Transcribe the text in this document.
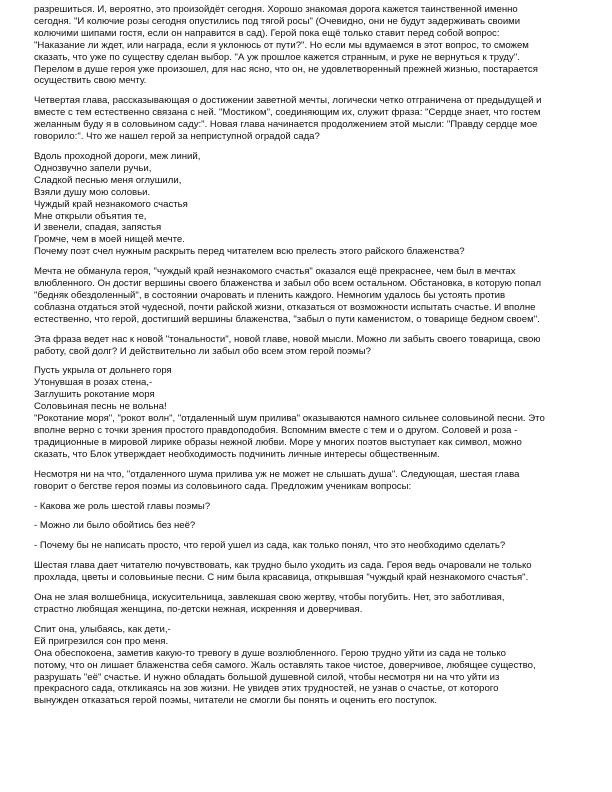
разрешиться. И, вероятно, это произойдёт сегодня. Хорошо знакомая дорога кажется таинственной именно
сегодня. "И колючие розы сегодня опустились под тягой росы" (Очевидно, они не будут задерживать своими
колючими шипами гостя, если он направится в сад). Герой пока ещё только ставит перед собой вопрос:
"Наказание ли ждет, или награда, если я уклонюсь от пути?". Но если мы вдумаемся в этот вопрос, то сможем
сказать, что уже по существу сделан выбор. "А уж прошлое кажется странным, и руке не вернуться к труду".
Перелом в душе героя уже произошел, для нас ясно, что он, не удовлетворенный прежней жизнью, постарается
осуществить свою мечту.
Четвертая глава, рассказывающая о достижении заветной мечты, логически четко отграничена от предыдущей и
вместе с тем естественно связана с ней. "Мостиком", соединяющим их, служит фраза: "Сердце знает, что гостем
желанным буду я в соловьином саду:". Новая глава начинается продолжением этой мысли: "Правду сердце мое
говорило:". Что же нашел герой за неприступной оградой сада?
Вдоль проходной дороги, меж линий,
Однозвучно запели ручьи,
Сладкой песнью меня оглушили,
Взяли душу мою соловьи.
Чуждый край незнакомого счастья
Мне открыли объятия те,
И звенели, спадая, запястья
Громче, чем в моей нищей мечте.
Почему поэт счел нужным раскрыть перед читателем всю прелесть этого райского блаженства?
Мечта не обманула героя, "чуждый край незнакомого счастья" оказался ещё прекраснее, чем был в мечтах
влюбленного. Он достиг вершины своего блаженства и забыл обо всем остальном. Обстановка, в которую попал
"бедняк обездоленный", в состоянии очаровать и пленить каждого. Немногим удалось бы устоять против
соблазна отдаться этой чудесной, почти райской жизни, отказаться от возможности испытать счастье. И вполне
естественно, что герой, достигший вершины блаженства, "забыл о пути каменистом, о товарище бедном своем".
Эта фраза ведет нас к новой "тональности", новой главе, новой мысли. Можно ли забыть своего товарища, свою
работу, свой долг? И действительно ли забыл обо всем этом герой поэмы?
Пусть укрыла от дольнего горя
Утонувшая в розах стена,-
Заглушить рокотание моря
Соловьиная песнь не вольна!
"Рокотание моря", "рокот волн", "отдаленный шум прилива" оказываются намного сильнее соловьиной песни. Это
вполне верно с точки зрения простого правдоподобия. Вспомним вместе с тем и о другом. Соловей и роза -
традиционные в мировой лирике образы нежной любви. Море у многих поэтов выступает как символ, можно
сказать, что Блок утверждает необходимость подчинить личные интересы общественным.
Несмотря ни на что, "отдаленного шума прилива уж не может не слышать душа". Следующая, шестая глава
говорит о бегстве героя поэмы из соловьиного сада. Предложим ученикам вопросы:
- Какова же роль шестой главы поэмы?
- Можно ли было обойтись без неё?
- Почему бы не написать просто, что герой ушел из сада, как только понял, что это необходимо сделать?
Шестая глава дает читателю почувствовать, как трудно было уходить из сада. Героя ведь очаровали не только
прохлада, цветы и соловьиные песни. С ним была красавица, открывшая "чуждый край незнакомого счастья".
Она не злая волшебница, искусительница, завлекшая свою жертву, чтобы погубить. Нет, это заботливая,
страстно любящая женщина, по-детски нежная, искренняя и доверчивая.
Спит она, улыбаясь, как дети,-
Ей пригрезился сон про меня.
Она обеспокоена, заметив какую-то тревогу в душе возлюбленного. Герою трудно уйти из сада не только
потому, что он лишает блаженства себя самого. Жаль оставлять такое чистое, доверчивое, любящее существо,
разрушать "её" счастье. И нужно обладать большой душевной силой, чтобы несмотря ни на что уйти из
прекрасного сада, откликаясь на зов жизни. Не увидев этих трудностей, не узнав о счастье, от которого
вынужден отказаться герой поэмы, читатели не смогли бы понять и оценить его поступок.
